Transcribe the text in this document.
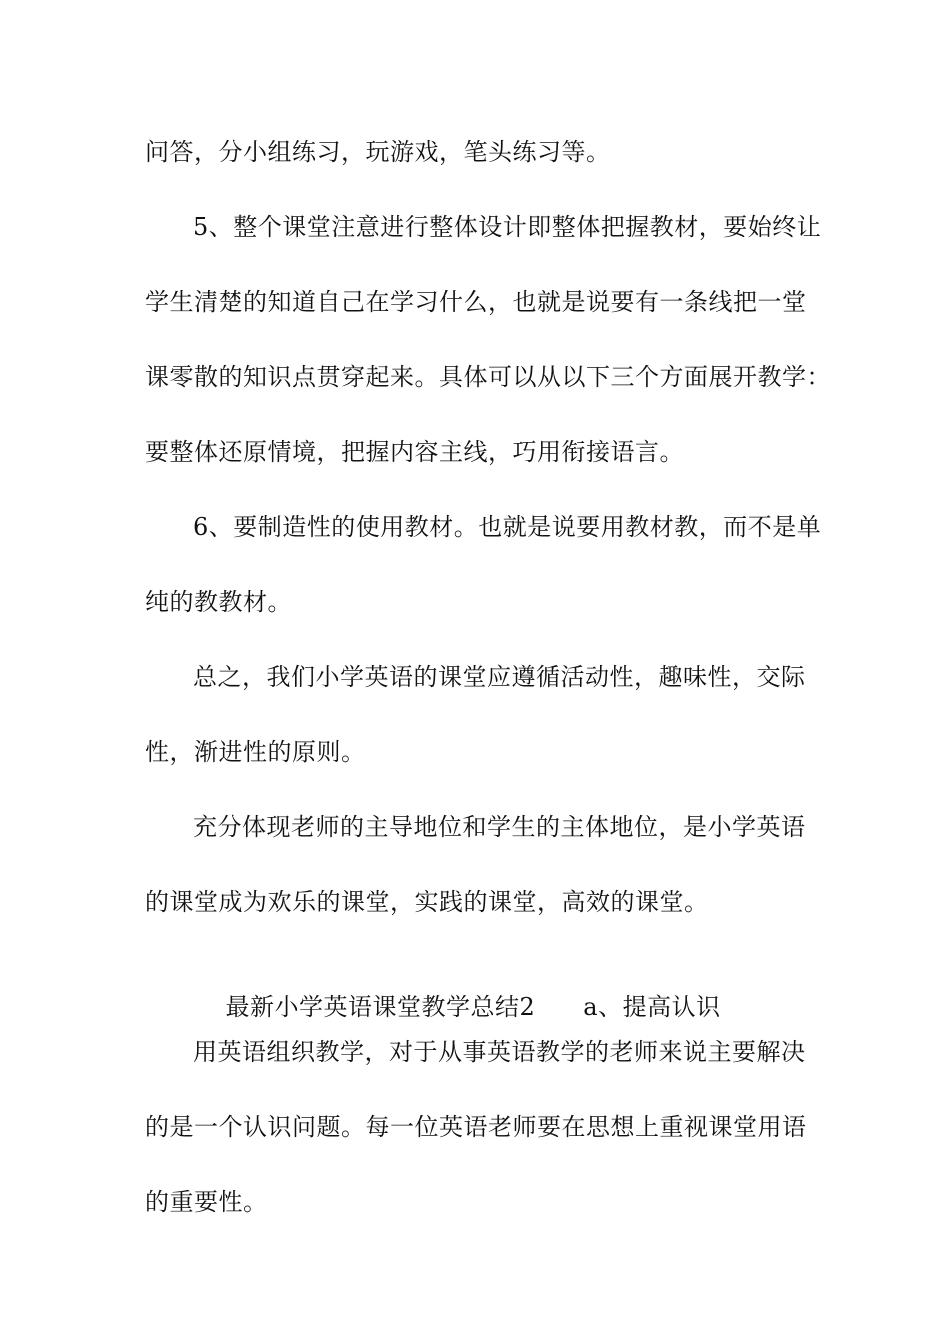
问答，分小组练习，玩游戏，笔头练习等。
5、整个课堂注意进行整体设计即整体把握教材，要始终让
学生清楚的知道自己在学习什么，也就是说要有一条线把一堂
课零散的知识点贯穿起来。具体可以从以下三个方面展开教学：
要整体还原情境，把握内容主线，巧用衔接语言。
6、要制造性的使用教材。也就是说要用教材教，而不是单
纯的教教材。
总之，我们小学英语的课堂应遵循活动性，趣味性，交际
性，渐进性的原则。
充分体现老师的主导地位和学生的主体地位，是小学英语
的课堂成为欢乐的课堂，实践的课堂，高效的课堂。

最新小学英语课堂教学总结2 a、提高认识

用英语组织教学，对于从事英语教学的老师来说主要解决
的是一个认识问题。每一位英语老师要在思想上重视课堂用语
的重要性。
